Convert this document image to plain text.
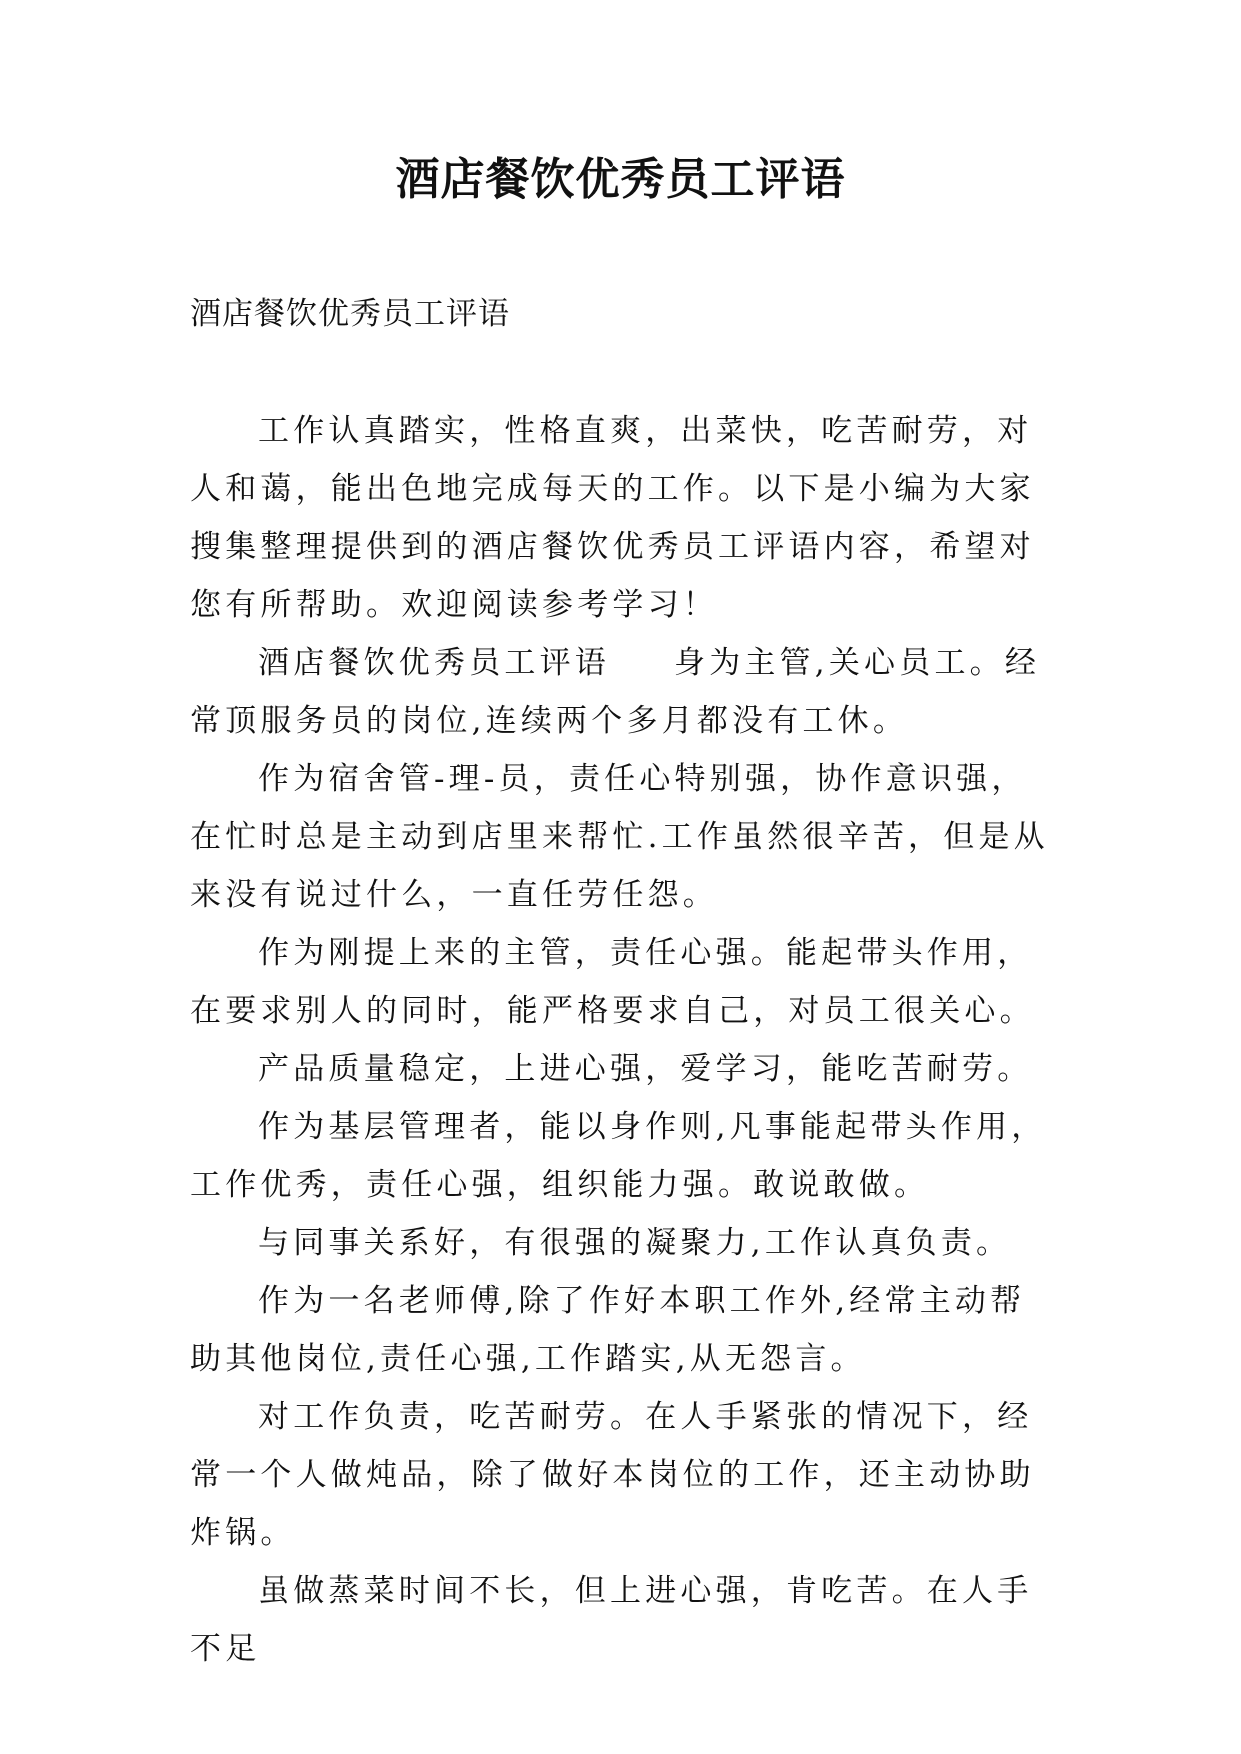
酒店餐饮优秀员工评语
酒店餐饮优秀员工评语

工作认真踏实，性格直爽，出菜快，吃苦耐劳，对人和蔼，能出色地完成每天的工作。以下是小编为大家搜集整理提供到的酒店餐饮优秀员工评语内容，希望对您有所帮助。欢迎阅读参考学习！

酒店餐饮优秀员工评语 身为主管,关心员工。经常顶服务员的岗位,连续两个多月都没有工休。

作为宿舍管-理-员，责任心特别强，协作意识强，在忙时总是主动到店里来帮忙.工作虽然很辛苦，但是从来没有说过什么，一直任劳任怨。

作为刚提上来的主管，责任心强。能起带头作用，在要求别人的同时，能严格要求自己，对员工很关心。

产品质量稳定，上进心强，爱学习，能吃苦耐劳。

作为基层管理者，能以身作则,凡事能起带头作用，工作优秀，责任心强，组织能力强。敢说敢做。

与同事关系好，有很强的凝聚力,工作认真负责。

作为一名老师傅,除了作好本职工作外,经常主动帮助其他岗位,责任心强,工作踏实,从无怨言。

对工作负责，吃苦耐劳。在人手紧张的情况下，经常一个人做炖品，除了做好本岗位的工作，还主动协助炸锅。

虽做蒸菜时间不长，但上进心强，肯吃苦。在人手不足
